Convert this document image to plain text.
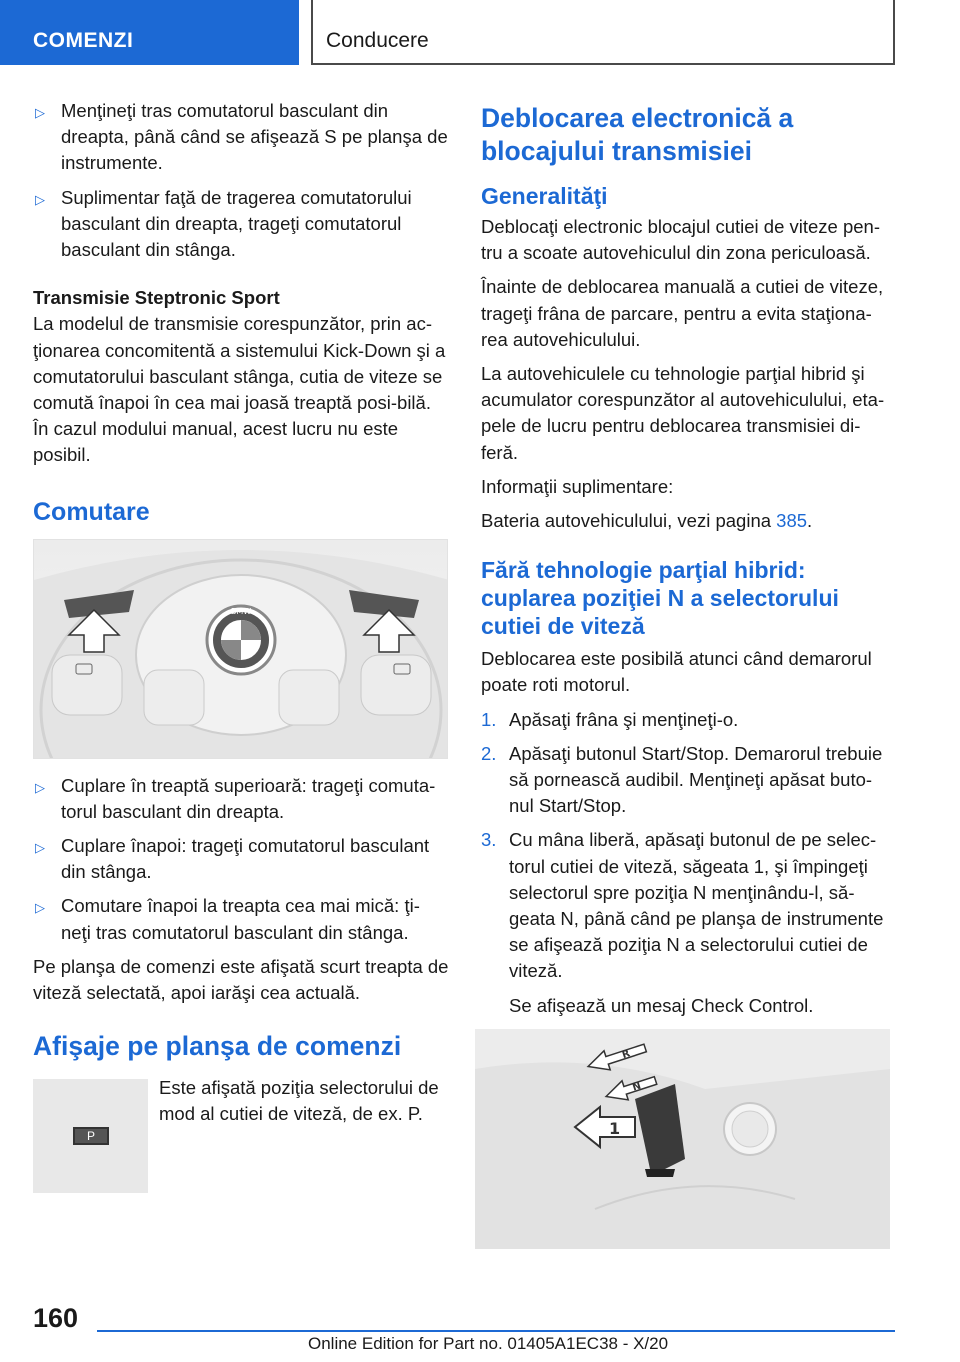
COMENZI	Conducere
▷ Menţineţi tras comutatorul basculant din dreapta, până când se afişează S pe planşa de instrumente.
▷ Suplimentar faţă de tragerea comutatorului basculant din dreapta, trageţi comutatorul basculant din stânga.
Transmisie Steptronic Sport

La modelul de transmisie corespunzător, prin ac-ţionarea concomitentă a sistemului Kick-Down şi a comutatorului basculant stânga, cutia de viteze se comută înapoi în cea mai joasă treaptă posi-bilă. În cazul modului manual, acest lucru nu este posibil.

Comutare
BMW
▷ Cuplare în treaptă superioară: trageţi comuta-torul basculant din dreapta.
▷ Cuplare înapoi: trageţi comutatorul basculant din stânga.
▷ Comutare înapoi la treapta cea mai mică: ţi-neţi tras comutatorul basculant din stânga.

Pe planşa de comenzi este afişată scurt treapta de viteză selectată, apoi iarăşi cea actuală.

Afişaje pe planşa de comenzi
P
Este afişată poziţia selectorului de mod al cutiei de viteză, de ex. P.
Deblocarea electronică a blocajului transmisiei
Generalităţi

Deblocaţi electronic blocajul cutiei de viteze pen-tru a scoate autovehiculul din zona periculoasă.

Înainte de deblocarea manuală a cutiei de viteze, trageţi frâna de parcare, pentru a evita staţiona-rea autovehiculului.

La autovehiculele cu tehnologie parţial hibrid şi acumulator corespunzător al autovehiculului, eta-pele de lucru pentru deblocarea transmisiei di-feră.

Informaţii suplimentare:

Bateria autovehiculului, vezi pagina 385.

Fără tehnologie parţial hibrid: cuplarea poziţiei N a selectorului cutiei de viteză

Deblocarea este posibilă atunci când demarorul poate roti motorul.

1. Apăsaţi frâna şi menţineţi-o.
2. Apăsaţi butonul Start/Stop. Demarorul trebuie să pornească audibil. Menţineţi apăsat buto-nul Start/Stop.
3. Cu mâna liberă, apăsaţi butonul de pe selec-torul cutiei de viteză, săgeata 1, şi împingeţi selectorul spre poziţia N menţinându-l, să-geata N, până când pe planşa de instrumente se afişează poziţia N a selectorului cutiei de viteză.

Se afişează un mesaj Check Control.

R
N
1
160
Online Edition for Part no. 01405A1EC38 - X/20
